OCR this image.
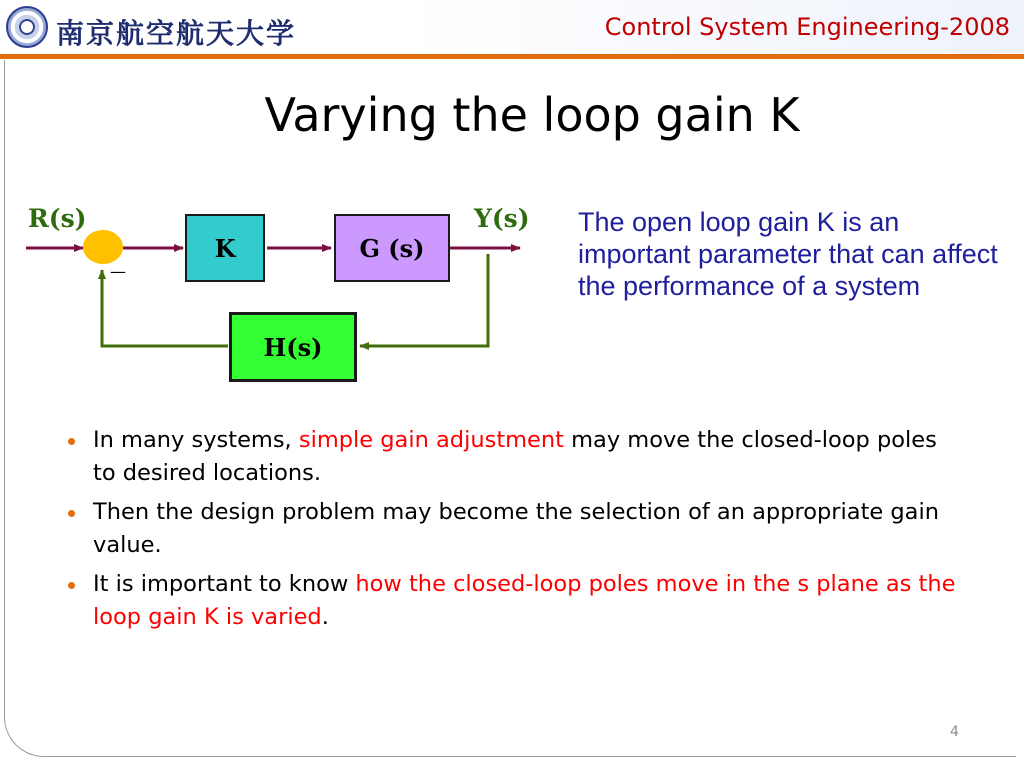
南京航空航天大学	Control System Engineering-2008
Varying the loop gain K
R(s)	Y(s)
—
K	G (s)
H(s)
The open loop gain K is an important parameter that can affect the performance of a system
In many systems, simple gain adjustment may move the closed-loop poles to desired locations.
Then the design problem may become the selection of an appropriate gain value.
It is important to know how the closed-loop poles move in the s plane as the loop gain K is varied.
4
